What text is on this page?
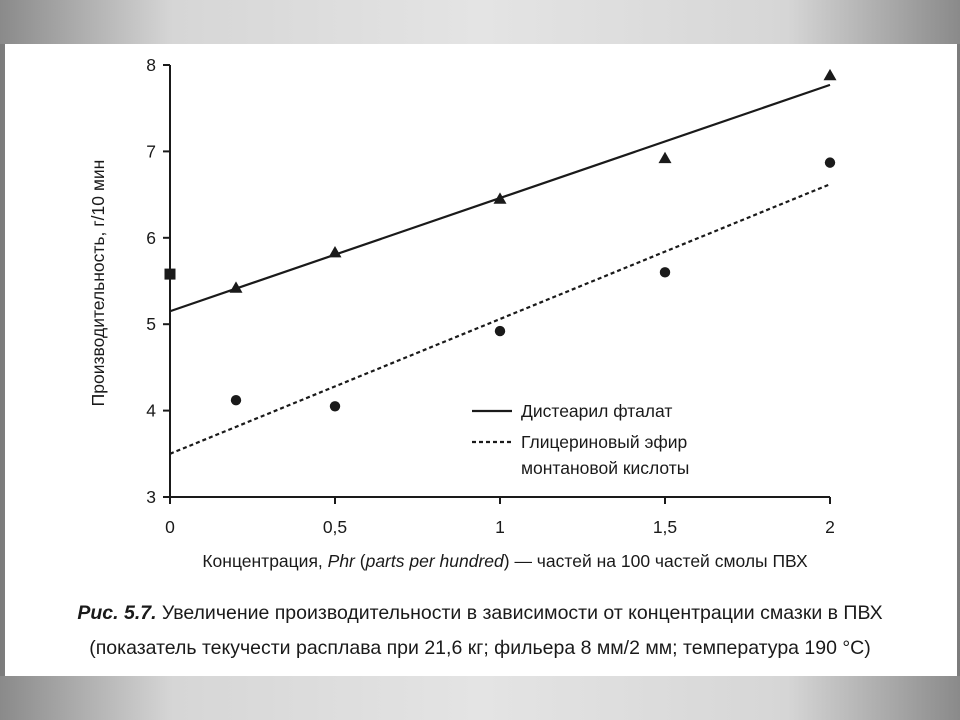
3
4
5
6
7
8
0	0,5	1	1,5	2
Производительность, г/10 мин
Концентрация, Phr (parts per hundred) — частей на 100 частей смолы ПВХ
Дистеарил фталат
Глицериновый эфир
монтановой кислоты
Рис. 5.7. Увеличение производительности в зависимости от концентрации смазки в ПВХ
(показатель текучести расплава при 21,6 кг; фильера 8 мм/2 мм; температура 190 °С)
